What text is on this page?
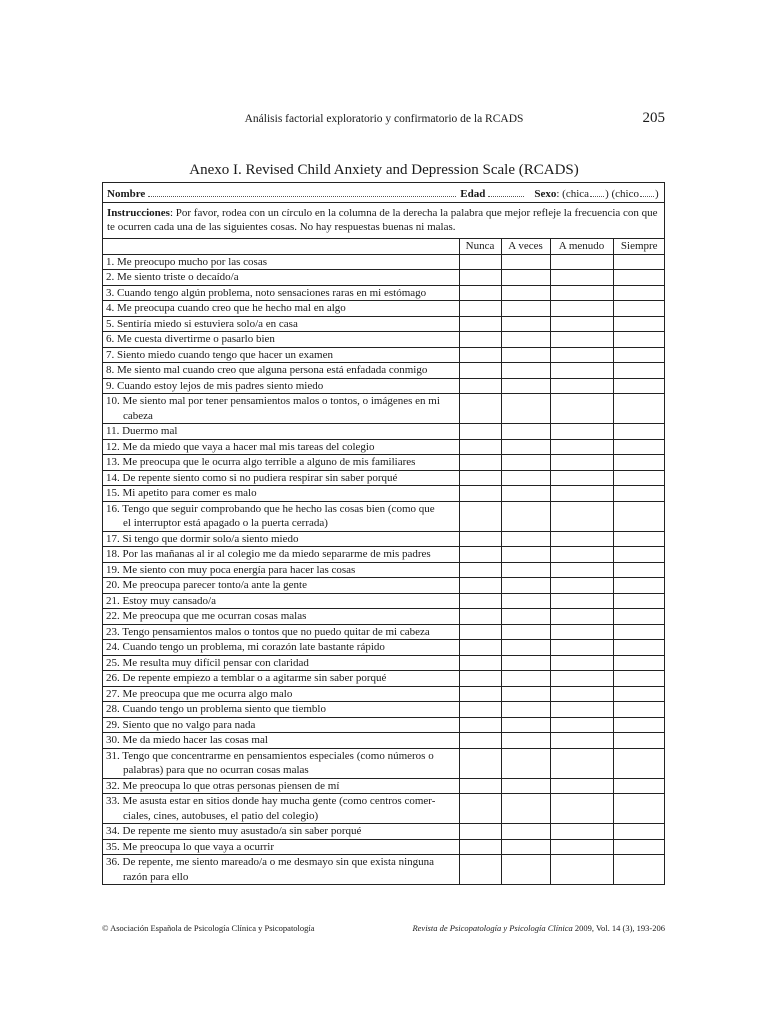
Análisis factorial exploratorio y confirmatorio de la RCADS	205
Anexo I. Revised Child Anxiety and Depression Scale (RCADS)
Nombre	Edad	Sexo : (chica ) (chico )
Instrucciones: Por favor, rodea con un círculo en la columna de la derecha la palabra que mejor refleje la frecuencia con que te ocurren cada una de las siguientes cosas. No hay respuestas buenas ni malas.
	Nunca	A veces	A menudo	Siempre
1. Me preocupo mucho por las cosas				
2. Me siento triste o decaído/a				
3. Cuando tengo algún problema, noto sensaciones raras en mi estómago				
4. Me preocupa cuando creo que he hecho mal en algo				
5. Sentiría miedo si estuviera solo/a en casa				
6. Me cuesta divertirme o pasarlo bien				
7. Siento miedo cuando tengo que hacer un examen				
8. Me siento mal cuando creo que alguna persona está enfadada conmigo				
9. Cuando estoy lejos de mis padres siento miedo				
10. Me siento mal por tener pensamientos malos o tontos, o imágenes en mi
cabeza				

11. Duermo mal				
12. Me da miedo que vaya a hacer mal mis tareas del colegio				
13. Me preocupa que le ocurra algo terrible a alguno de mis familiares				
14. De repente siento como si no pudiera respirar sin saber porqué				
15. Mi apetito para comer es malo				
16. Tengo que seguir comprobando que he hecho las cosas bien (como que
el interruptor está apagado o la puerta cerrada)				

17. Si tengo que dormir solo/a siento miedo				
18. Por las mañanas al ir al colegio me da miedo separarme de mis padres				
19. Me siento con muy poca energía para hacer las cosas				
20. Me preocupa parecer tonto/a ante la gente				
21. Estoy muy cansado/a				
22. Me preocupa que me ocurran cosas malas				
23. Tengo pensamientos malos o tontos que no puedo quitar de mi cabeza				
24. Cuando tengo un problema, mi corazón late bastante rápido				
25. Me resulta muy difícil pensar con claridad				
26. De repente empiezo a temblar o a agitarme sin saber porqué				
27. Me preocupa que me ocurra algo malo				
28. Cuando tengo un problema siento que tiemblo				
29. Siento que no valgo para nada				
30. Me da miedo hacer las cosas mal				
31. Tengo que concentrarme en pensamientos especiales (como números o
palabras) para que no ocurran cosas malas				

32. Me preocupa lo que otras personas piensen de mí				
33. Me asusta estar en sitios donde hay mucha gente (como centros comer-
ciales, cines, autobuses, el patio del colegio)				

34. De repente me siento muy asustado/a sin saber porqué				
35. Me preocupa lo que vaya a ocurrir				
36. De repente, me siento mareado/a o me desmayo sin que exista ninguna
razón para ello				

© Asociación Española de Psicología Clínica y Psicopatología	Revista de Psicopatología y Psicología Clínica 2009, Vol. 14 (3), 193-206
